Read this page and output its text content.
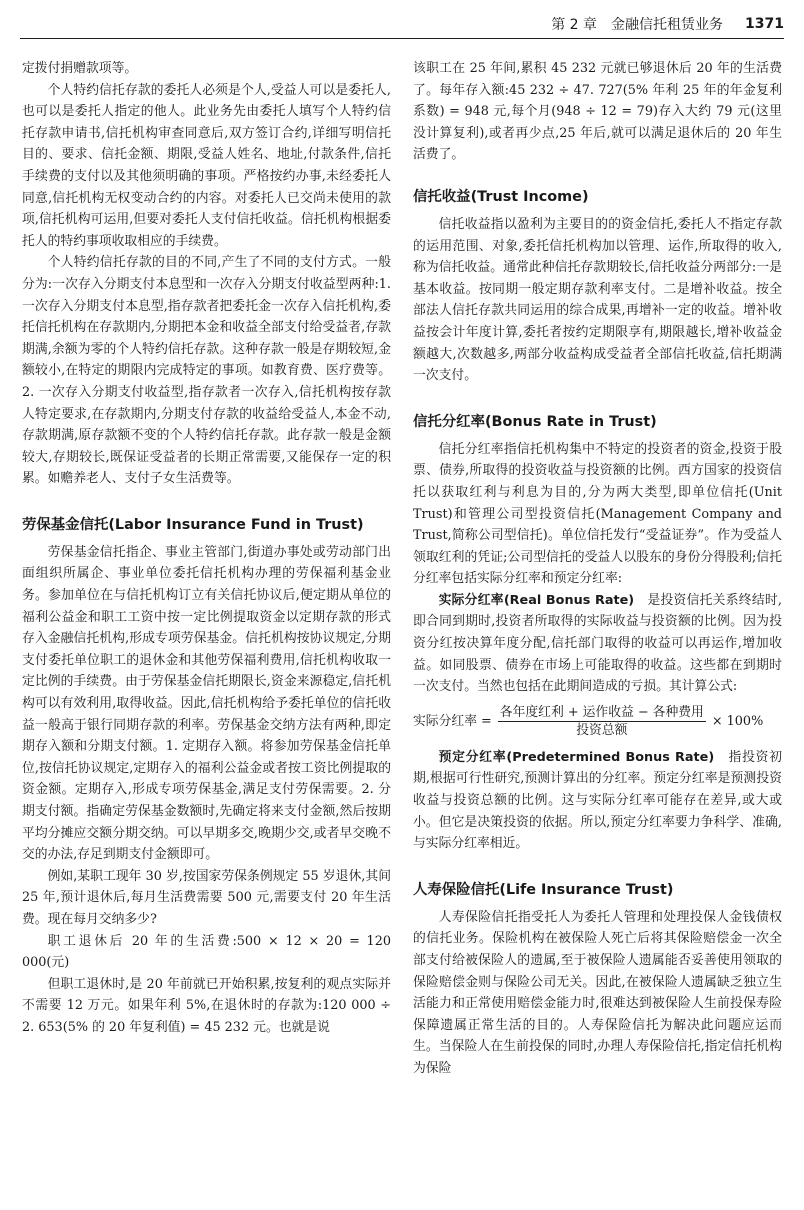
第 2 章　金融信托租赁业务 1371

定拨付捐赠款项等。

个人特约信托存款的委托人必须是个人,受益人可以是委托人,也可以是委托人指定的他人。此业务先由委托人填写个人特约信托存款申请书,信托机构审查同意后,双方签订合约,详细写明信托目的、要求、信托金额、期限,受益人姓名、地址,付款条件,信托手续费的支付以及其他须明确的事项。严格按约办事,未经委托人同意,信托机构无权变动合约的内容。对委托人已交尚未使用的款项,信托机构可运用,但要对委托人支付信托收益。信托机构根据委托人的特约事项收取相应的手续费。

个人特约信托存款的目的不同,产生了不同的支付方式。一般分为:一次存入分期支付本息型和一次存入分期支付收益型两种:1. 一次存入分期支付本息型,指存款者把委托金一次存入信托机构,委托信托机构在存款期内,分期把本金和收益全部支付给受益者,存款期满,余额为零的个人特约信托存款。这种存款一般是存期较短,金额较小,在特定的期限内完成特定的事项。如教育费、医疗费等。2. 一次存入分期支付收益型,指存款者一次存入,信托机构按存款人特定要求,在存款期内,分期支付存款的收益给受益人,本金不动,存款期满,原存款额不变的个人特约信托存款。此存款一般是金额较大,存期较长,既保证受益者的长期正常需要,又能保存一定的积累。如赡养老人、支付子女生活费等。

劳保基金信托(Labor Insurance Fund in Trust)

劳保基金信托指企、事业主管部门,街道办事处或劳动部门出面组织所属企、事业单位委托信托机构办理的劳保福利基金业务。参加单位在与信托机构订立有关信托协议后,便定期从单位的福利公益金和职工工资中按一定比例提取资金以定期存款的形式存入金融信托机构,形成专项劳保基金。信托机构按协议规定,分期支付委托单位职工的退休金和其他劳保福利费用,信托机构收取一定比例的手续费。由于劳保基金信托期限长,资金来源稳定,信托机构可以有效利用,取得收益。因此,信托机构给予委托单位的信托收益一般高于银行同期存款的利率。劳保基金交纳方法有两种,即定期存入额和分期支付额。1. 定期存入额。将参加劳保基金信托单位,按信托协议规定,定期存入的福利公益金或者按工资比例提取的资金额。定期存入,形成专项劳保基金,满足支付劳保需要。2. 分期支付额。指确定劳保基金数额时,先确定将来支付金额,然后按期平均分摊应交额分期交纳。可以早期多交,晚期少交,或者早交晚不交的办法,存足到期支付金额即可。

例如,某职工现年 30 岁,按国家劳保条例规定 55 岁退休,其间 25 年,预计退休后,每月生活费需要 500 元,需要支付 20 年生活费。现在每月交纳多少?

职工退休后 20 年的生活费:500 × 12 × 20 = 120 000(元)

但职工退休时,是 20 年前就已开始积累,按复利的观点实际并不需要 12 万元。如果年利 5%,在退休时的存款为:120 000 ÷ 2. 653(5% 的 20 年复利值) = 45 232 元。也就是说

该职工在 25 年间,累积 45 232 元就已够退休后 20 年的生活费了。每年存入额:45 232 ÷ 47. 727(5% 年利 25 年的年金复利系数) = 948 元,每个月(948 ÷ 12 = 79)存入大约 79 元(这里没计算复利),或者再少点,25 年后,就可以满足退休后的 20 年生活费了。

信托收益(Trust Income)

信托收益指以盈利为主要目的的资金信托,委托人不指定存款的运用范围、对象,委托信托机构加以管理、运作,所取得的收入,称为信托收益。通常此种信托存款期较长,信托收益分两部分:一是基本收益。按同期一般定期存款利率支付。二是增补收益。按全部法人信托存款共同运用的综合成果,再增补一定的收益。增补收益按会计年度计算,委托者按约定期限享有,期限越长,增补收益金额越大,次数越多,两部分收益构成受益者全部信托收益,信托期满一次支付。

信托分红率(Bonus Rate in Trust)

信托分红率指信托机构集中不特定的投资者的资金,投资于股票、债券,所取得的投资收益与投资额的比例。西方国家的投资信托以获取红利与利息为目的,分为两大类型,即单位信托(Unit Trust)和管理公司型投资信托(Management Company and Trust,简称公司型信托)。单位信托发行“受益证券”。作为受益人领取红利的凭证;公司型信托的受益人以股东的身份分得股利;信托分红率包括实际分红率和预定分红率:

实际分红率(Real Bonus Rate)　是投资信托关系终结时,即合同到期时,投资者所取得的实际收益与投资额的比例。因为投资分红按决算年度分配,信托部门取得的收益可以再运作,增加收益。如同股票、债券在市场上可能取得的收益。这些都在到期时一次支付。当然也包括在此期间造成的亏损。其计算公式:

实际分红率 = $\frac{\text{各年度红利 + 运作收益 − 各种费用}}{\text{投资总额}} \times 100\%$

预定分红率(Predetermined Bonus Rate)　指投资初期,根据可行性研究,预测计算出的分红率。预定分红率是预测投资收益与投资总额的比例。这与实际分红率可能存在差异,或大或小。但它是决策投资的依据。所以,预定分红率要力争科学、准确,与实际分红率相近。

人寿保险信托(Life Insurance Trust)

人寿保险信托指受托人为委托人管理和处理投保人金钱债权的信托业务。保险机构在被保险人死亡后将其保险赔偿金一次全部支付给被保险人的遗属,至于被保险人遗属能否妥善使用领取的保险赔偿金则与保险公司无关。因此,在被保险人遗属缺乏独立生活能力和正常使用赔偿金能力时,很难达到被保险人生前投保寿险保障遗属正常生活的目的。人寿保险信托为解决此问题应运而生。当保险人在生前投保的同时,办理人寿保险信托,指定信托机构为保险
